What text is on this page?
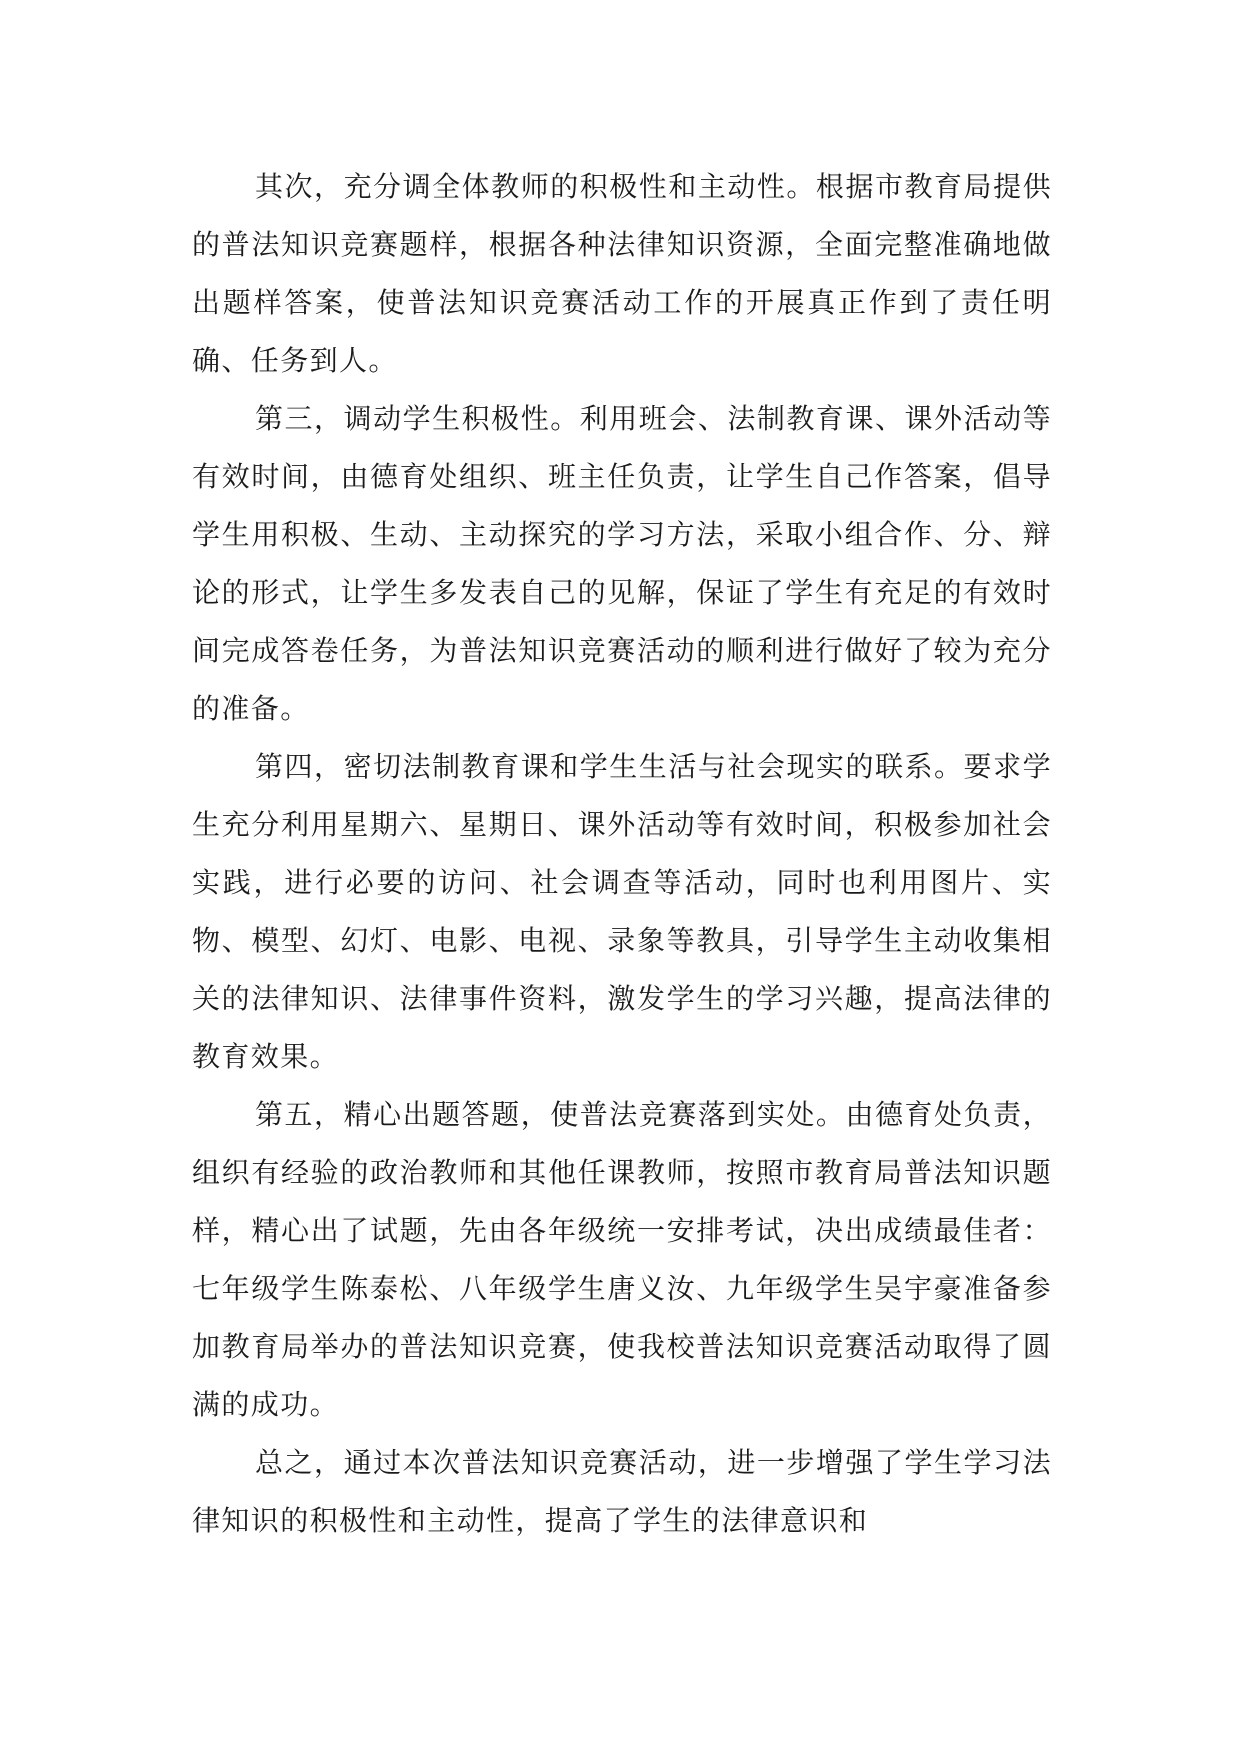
其次，充分调全体教师的积极性和主动性。根据市教育局提供的普法知识竞赛题样，根据各种法律知识资源，全面完整准确地做出题样答案，使普法知识竞赛活动工作的开展真正作到了责任明确、任务到人。

第三，调动学生积极性。利用班会、法制教育课、课外活动等有效时间，由德育处组织、班主任负责，让学生自己作答案，倡导学生用积极、生动、主动探究的学习方法，采取小组合作、分、辩论的形式，让学生多发表自己的见解，保证了学生有充足的有效时间完成答卷任务，为普法知识竞赛活动的顺利进行做好了较为充分的准备。

第四，密切法制教育课和学生生活与社会现实的联系。要求学生充分利用星期六、星期日、课外活动等有效时间，积极参加社会实践，进行必要的访问、社会调查等活动，同时也利用图片、实物、模型、幻灯、电影、电视、录象等教具，引导学生主动收集相关的法律知识、法律事件资料，激发学生的学习兴趣，提高法律的教育效果。

第五，精心出题答题，使普法竞赛落到实处。由德育处负责，组织有经验的政治教师和其他任课教师，按照市教育局普法知识题样，精心出了试题，先由各年级统一安排考试，决出成绩最佳者：七年级学生陈泰松、八年级学生唐义汝、九年级学生吴宇豪准备参加教育局举办的普法知识竞赛，使我校普法知识竞赛活动取得了圆满的成功。

总之，通过本次普法知识竞赛活动，进一步增强了学生学习法律知识的积极性和主动性，提高了学生的法律意识和
